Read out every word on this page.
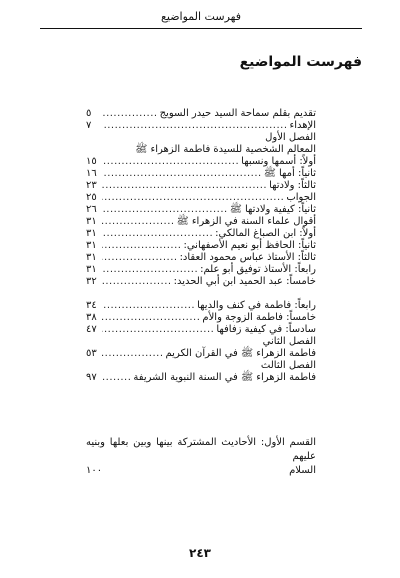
فهرست المواضيع
فهرست المواضيع
تقديم بقلم سماحة السيد حيدر السويج
.....
٥
الإهداء
.....
٧
الفصل الأول
المعالم الشخصية للسيدة فاطمة الزهراء ﷺ
أولاً: أسمها ونسبها
.....
١٥
ثانياً: أمها ﷺ
.....
١٦
ثالثاً: ولادتها
.....
٢٣
الجواب
.....
٢٥
ثانياً: كيفية ولادتها ﷺ
.....
٢٦
أقوال علماء السنة في الزهراء ﷺ
.....
٣١
أولاً: ابن الصباغ المالكي:
.....
٣١
ثانياً: الحافظ أبو نعيم الأصفهاني:
.....
٣١
ثالثاً: الأستاذ عباس محمود العقاد:
.....
٣١
رابعاً: الأستاذ توفيق أبو علم:
.....
٣١
خامساً: عبد الحميد ابن أبي الحديد:
.....
٣٢
رابعاً: فاطمة في كنف والديها
.....
٣٤
خامساً: فاطمة الزوجة والأم
.....
٣٨
سادساً: في كيفية زفافها
.....
٤٧
الفصل الثاني
فاطمة الزهراء ﷺ في القرآن الكريم
.....
٥٣
الفصل الثالث
فاطمة الزهراء ﷺ في السنة النبوية الشريفة
.....
٩٧
القسم الأول: الأحاديث المشتركة بينها وبين بعلها وبنيه عليهم
السلام
١٠٠
٢٤٣
